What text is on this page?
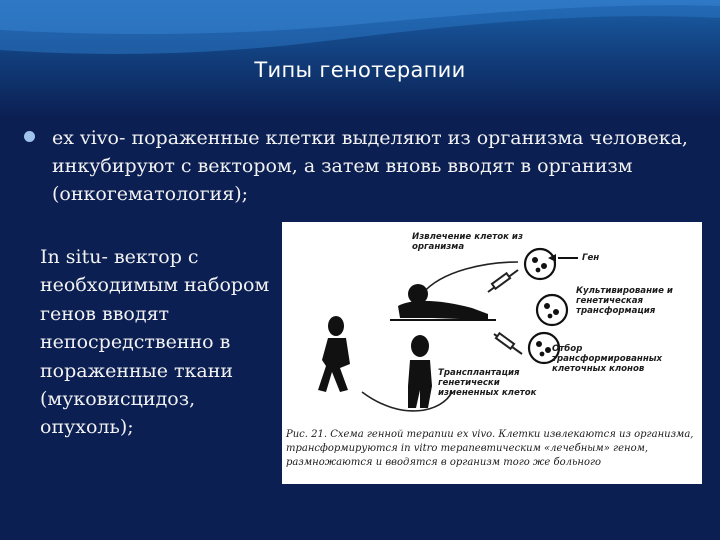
Типы генотерапии
ex vivo- пораженные клетки выделяют из организма человека, инкубируют с вектором, а затем вновь вводят в организм (онкогематология);
In situ- вектор с необходимым набором генов вводят непосредственно в пораженные ткани (муковисцидоз, опухоль);
Извлечение клеток из организма
Ген
Культивирование и генетическая трансформация
Отбор трансформированных клеточных клонов
Трансплантация генетически измененных клеток
Рис. 21. Схема генной терапии ex vivo. Клетки извлекаются из организма, трансформируются in vitro терапевтическим «лечебным» геном, размножаются и вводятся в организм того же больного
